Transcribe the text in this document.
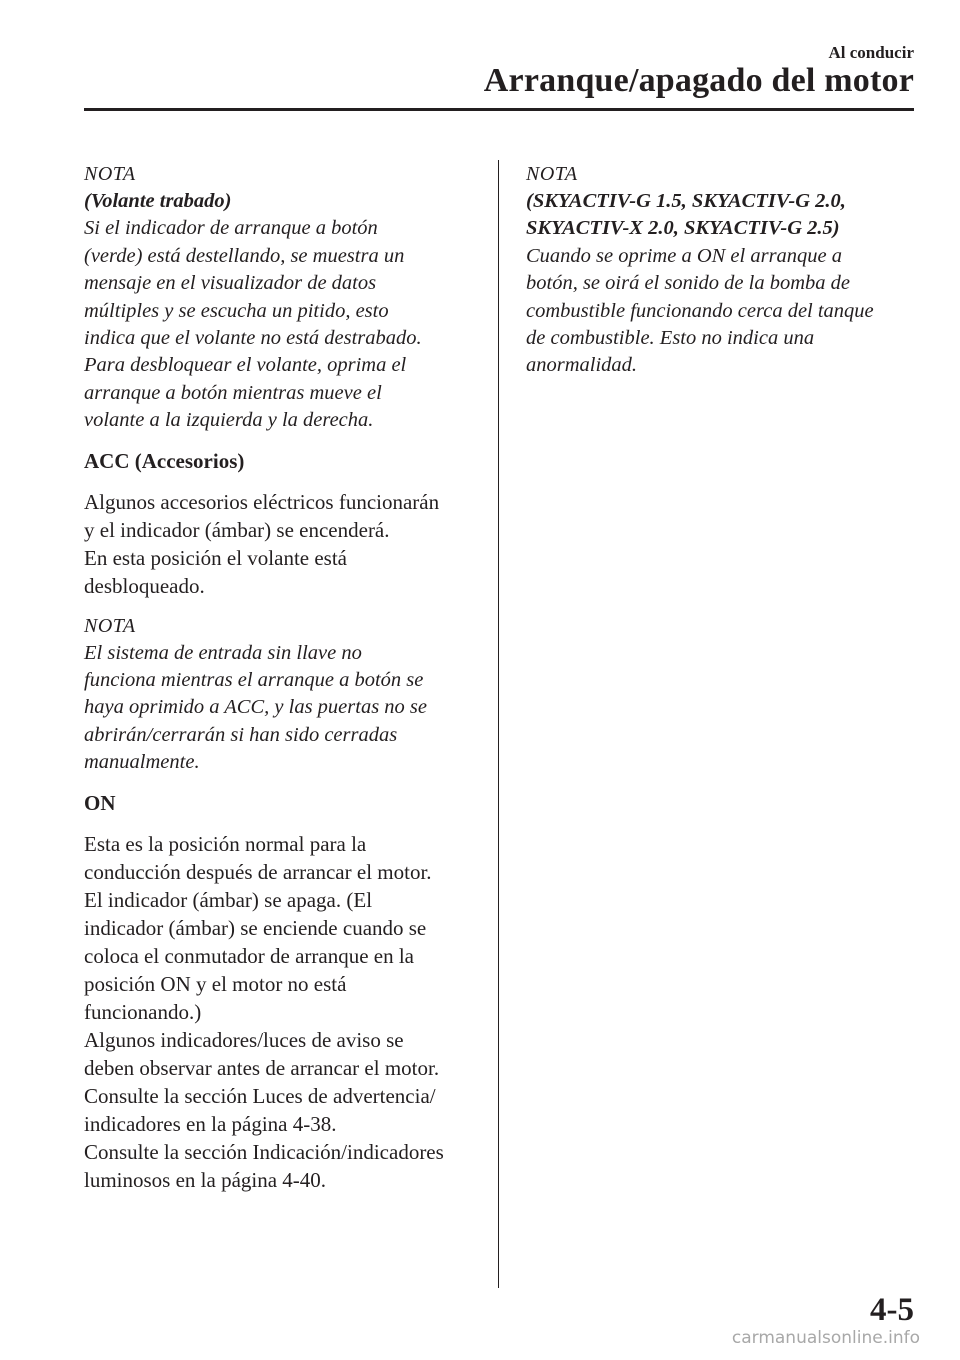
Al conducir
Arranque/apagado del motor
NOTA
(Volante trabado)
Si el indicador de arranque a botón
(verde) está destellando, se muestra un
mensaje en el visualizador de datos
múltiples y se escucha un pitido, esto
indica que el volante no está destrabado.
Para desbloquear el volante, oprima el
arranque a botón mientras mueve el
volante a la izquierda y la derecha.
ACC (Accesorios)
Algunos accesorios eléctricos funcionarán
y el indicador (ámbar) se encenderá.
En esta posición el volante está
desbloqueado.
NOTA
El sistema de entrada sin llave no
funciona mientras el arranque a botón se
haya oprimido a ACC, y las puertas no se
abrirán/cerrarán si han sido cerradas
manualmente.
ON
Esta es la posición normal para la
conducción después de arrancar el motor.
El indicador (ámbar) se apaga. (El
indicador (ámbar) se enciende cuando se
coloca el conmutador de arranque en la
posición ON y el motor no está
funcionando.)
Algunos indicadores/luces de aviso se
deben observar antes de arrancar el motor.
Consulte la sección Luces de advertencia/
indicadores en la página 4-38.
Consulte la sección Indicación/indicadores
luminosos en la página 4-40.
NOTA
(SKYACTIV-G 1.5, SKYACTIV-G 2.0,
SKYACTIV-X 2.0, SKYACTIV-G 2.5)
Cuando se oprime a ON el arranque a
botón, se oirá el sonido de la bomba de
combustible funcionando cerca del tanque
de combustible. Esto no indica una
anormalidad.
4-5
carmanualsonline.info
